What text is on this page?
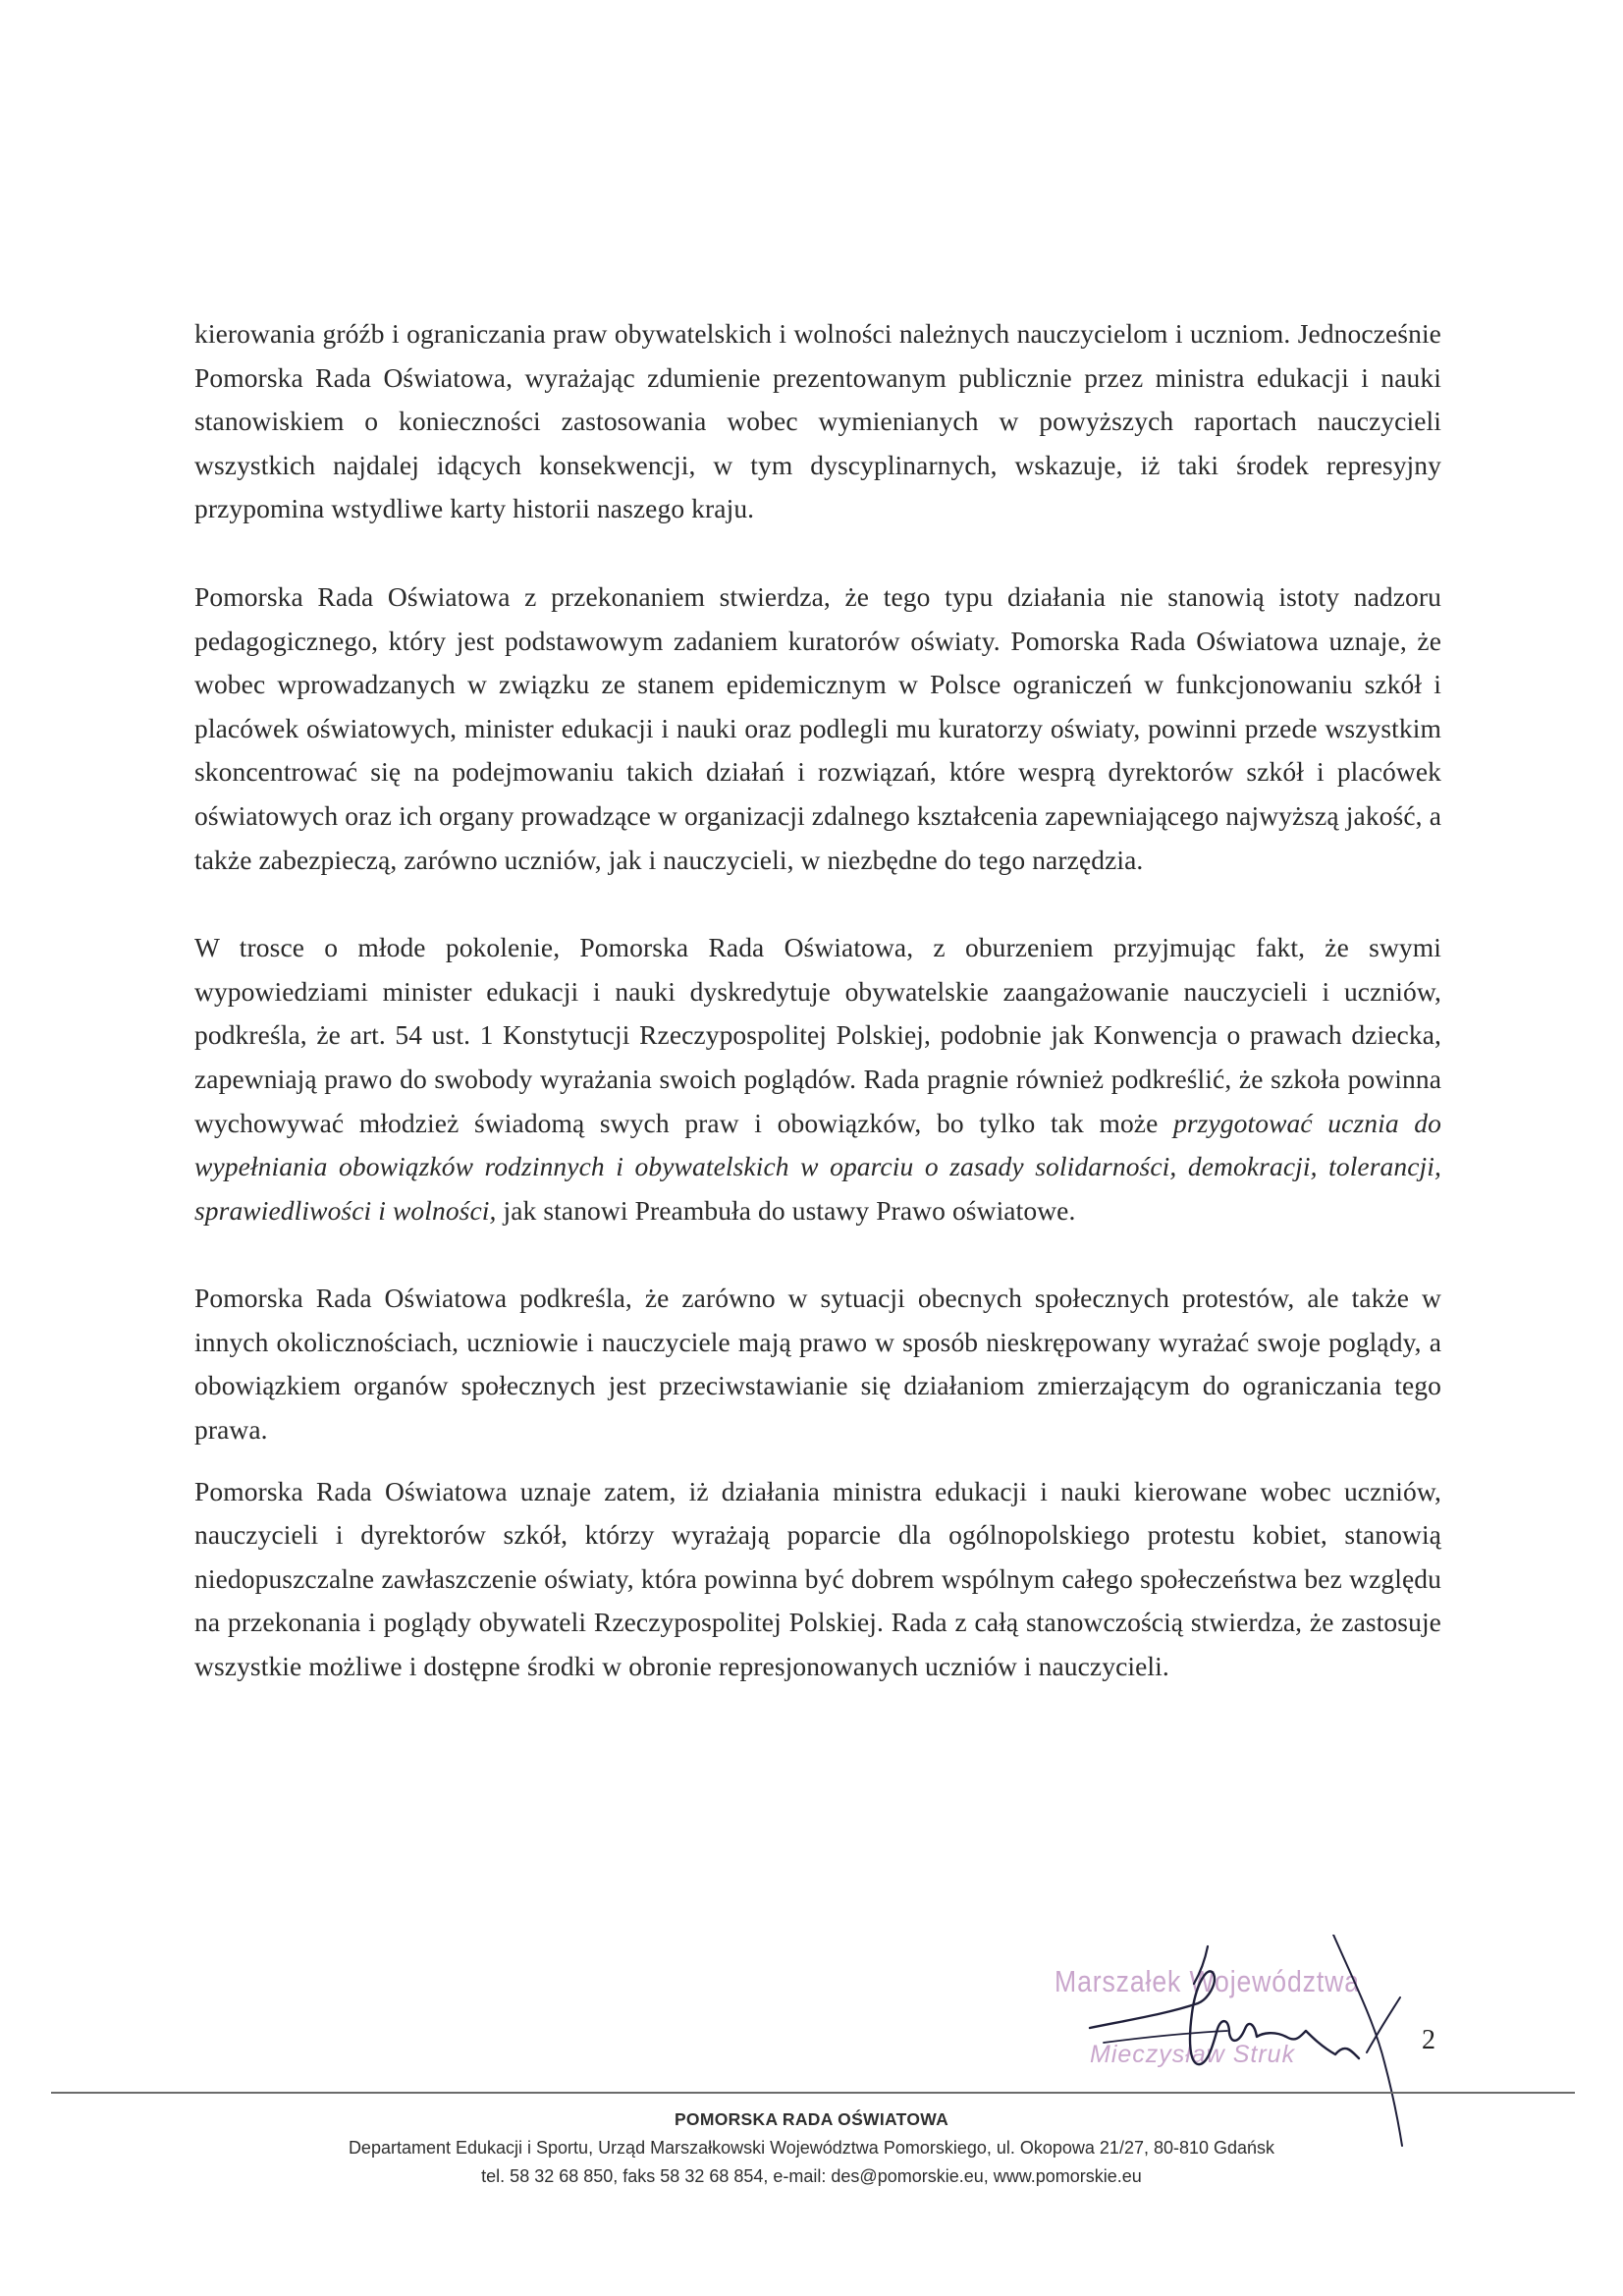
kierowania gróźb i ograniczania praw obywatelskich i wolności należnych nauczycielom i uczniom. Jednocześnie Pomorska Rada Oświatowa, wyrażając zdumienie prezentowanym publicznie przez ministra edukacji i nauki stanowiskiem o konieczności zastosowania wobec wymienianych w powyższych raportach nauczycieli wszystkich najdalej idących konsekwencji, w tym dyscyplinarnych, wskazuje, iż taki środek represyjny przypomina wstydliwe karty historii naszego kraju.

Pomorska Rada Oświatowa z przekonaniem stwierdza, że tego typu działania nie stanowią istoty nadzoru pedagogicznego, który jest podstawowym zadaniem kuratorów oświaty. Pomorska Rada Oświatowa uznaje, że wobec wprowadzanych w związku ze stanem epidemicznym w Polsce ograniczeń w funkcjonowaniu szkół i placówek oświatowych, minister edukacji i nauki oraz podlegli mu kuratorzy oświaty, powinni przede wszystkim skoncentrować się na podejmowaniu takich działań i rozwiązań, które wesprą dyrektorów szkół i placówek oświatowych oraz ich organy prowadzące w organizacji zdalnego kształcenia zapewniającego najwyższą jakość, a także zabezpieczą, zarówno uczniów, jak i nauczycieli, w niezbędne do tego narzędzia.

W trosce o młode pokolenie, Pomorska Rada Oświatowa, z oburzeniem przyjmując fakt, że swymi wypowiedziami minister edukacji i nauki dyskredytuje obywatelskie zaangażowanie nauczycieli i uczniów, podkreśla, że art. 54 ust. 1 Konstytucji Rzeczypospolitej Polskiej, podobnie jak Konwencja o prawach dziecka, zapewniają prawo do swobody wyrażania swoich poglądów. Rada pragnie również podkreślić, że szkoła powinna wychowywać młodzież świadomą swych praw i obowiązków, bo tylko tak może przygotować ucznia do wypełniania obowiązków rodzinnych i obywatelskich w oparciu o zasady solidarności, demokracji, tolerancji, sprawiedliwości i wolności, jak stanowi Preambuła do ustawy Prawo oświatowe.

Pomorska Rada Oświatowa podkreśla, że zarówno w sytuacji obecnych społecznych protestów, ale także w innych okolicznościach, uczniowie i nauczyciele mają prawo w sposób nieskrępowany wyrażać swoje poglądy, a obowiązkiem organów społecznych jest przeciwstawianie się działaniom zmierzającym do ograniczania tego prawa.

Pomorska Rada Oświatowa uznaje zatem, iż działania ministra edukacji i nauki kierowane wobec uczniów, nauczycieli i dyrektorów szkół, którzy wyrażają poparcie dla ogólnopolskiego protestu kobiet, stanowią niedopuszczalne zawłaszczenie oświaty, która powinna być dobrem wspólnym całego społeczeństwa bez względu na przekonania i poglądy obywateli Rzeczypospolitej Polskiej. Rada z całą stanowczością stwierdza, że zastosuje wszystkie możliwe i dostępne środki w obronie represjonowanych uczniów i nauczycieli.

Marszałek Województwa
Mieczysław Struk	2
POMORSKA RADA OŚWIATOWA
Departament Edukacji i Sportu, Urząd Marszałkowski Województwa Pomorskiego, ul. Okopowa 21/27, 80-810 Gdańsk
tel. 58 32 68 850, faks 58 32 68 854, e-mail: des@pomorskie.eu, www.pomorskie.eu
